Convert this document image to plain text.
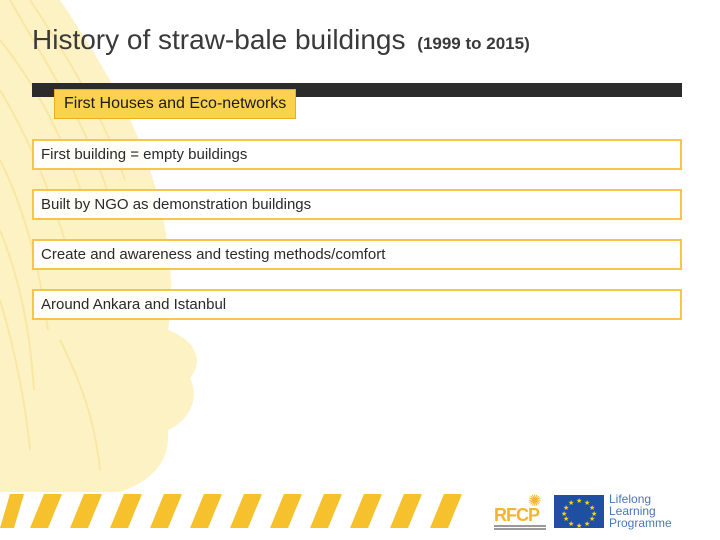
History of straw-bale buildings (1999 to 2015)
First Houses and Eco-networks
First building = empty buildings
Built by NGO as demonstration buildings
Create and awareness and testing methods/comfort
Around Ankara and Istanbul
✺
RFCP
★ ★
★
★
★
★
★
★
★
★
★
★	Lifelong
Learning
Programme
